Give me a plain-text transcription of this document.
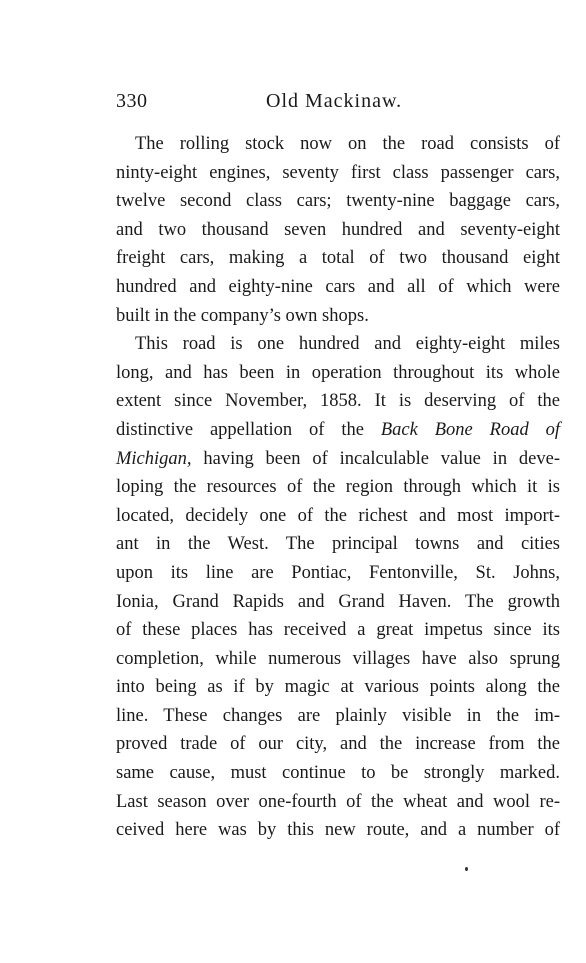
330	Old Mackinaw.
The rolling stock now on the road consists of
ninty-eight engines, seventy first class passenger cars,
twelve second class cars; twenty-nine baggage cars,
and two thousand seven hundred and seventy-eight
freight cars, making a total of two thousand eight
hundred and eighty-nine cars and all of which were
built in the company’s own shops.
This road is one hundred and eighty-eight miles
long, and has been in operation throughout its whole
extent since November, 1858. It is deserving of the
distinctive appellation of the Back Bone Road of
Michigan, having been of incalculable value in deve-
loping the resources of the region through which it is
located, decidely one of the richest and most import-
ant in the West. The principal towns and cities
upon its line are Pontiac, Fentonville, St. Johns,
Ionia, Grand Rapids and Grand Haven. The growth
of these places has received a great impetus since its
completion, while numerous villages have also sprung
into being as if by magic at various points along the
line. These changes are plainly visible in the im-
proved trade of our city, and the increase from the
same cause, must continue to be strongly marked.
Last season over one-fourth of the wheat and wool re-
ceived here was by this new route, and a number of
